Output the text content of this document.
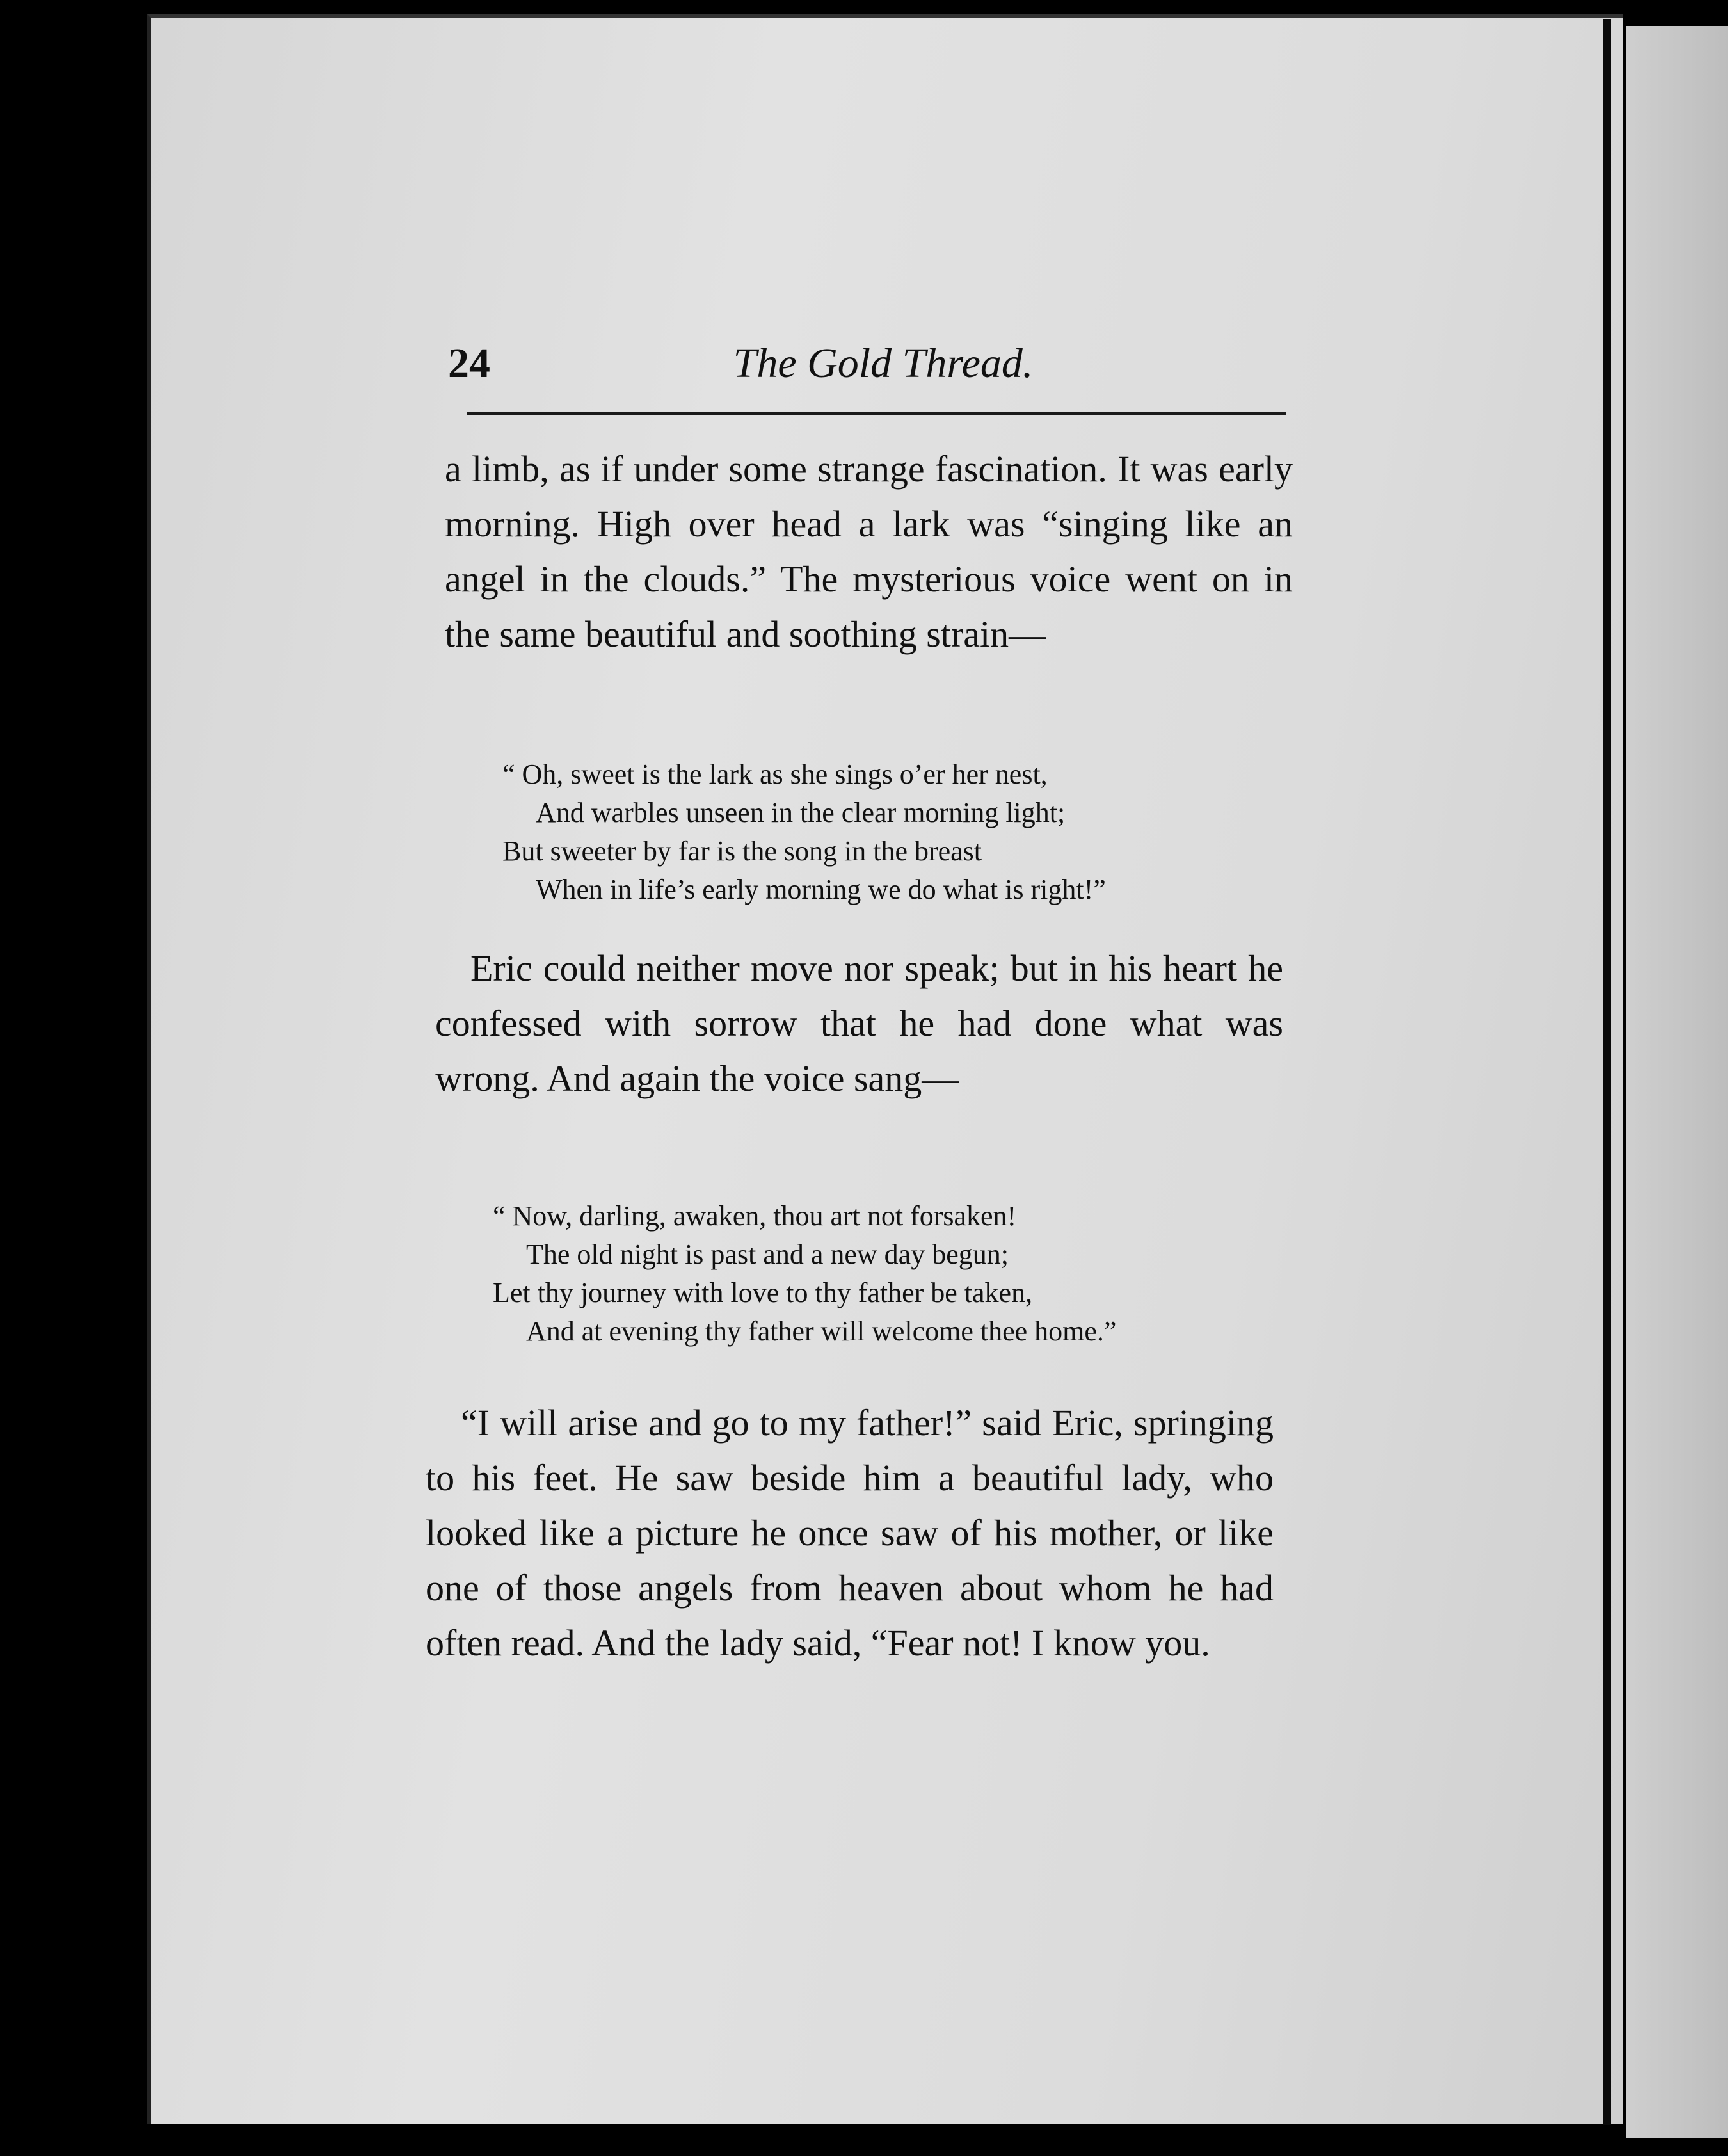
24	The Gold Thread.

a limb, as if under some strange fascination. It was early morning. High over head a lark was “singing like an angel in the clouds.” The mysterious voice went on in the same beautiful and soothing strain—

“ Oh, sweet is the lark as she sings o’er her nest,
And warbles unseen in the clear morning light;
But sweeter by far is the song in the breast
When in life’s early morning we do what is right!”

Eric could neither move nor speak; but in his heart he confessed with sorrow that he had done what was wrong. And again the voice sang—

“ Now, darling, awaken, thou art not forsaken!
The old night is past and a new day begun;
Let thy journey with love to thy father be taken,
And at evening thy father will welcome thee home.”

“I will arise and go to my father!” said Eric, springing to his feet. He saw beside him a beautiful lady, who looked like a picture he once saw of his mother, or like one of those angels from heaven about whom he had often read. And the lady said, “Fear not! I know you.
